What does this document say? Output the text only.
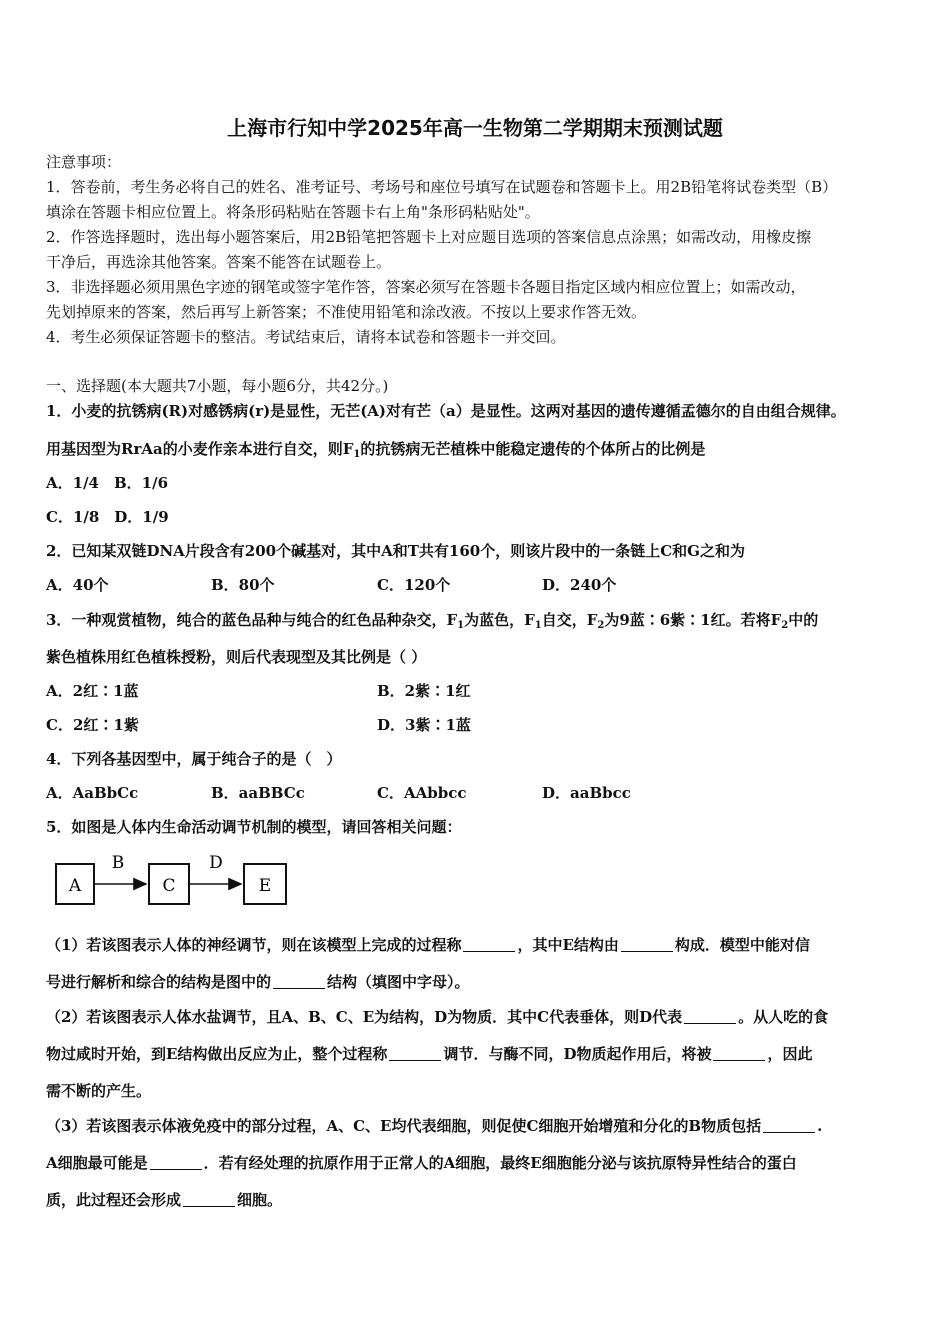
上海市行知中学2025年高一生物第二学期期末预测试题
注意事项：
1．答卷前，考生务必将自己的姓名、准考证号、考场号和座位号填写在试题卷和答题卡上。用2B铅笔将试卷类型（B）
填涂在答题卡相应位置上。将条形码粘贴在答题卡右上角"条形码粘贴处"。
2．作答选择题时，选出每小题答案后，用2B铅笔把答题卡上对应题目选项的答案信息点涂黑；如需改动，用橡皮擦
干净后，再选涂其他答案。答案不能答在试题卷上。
3．非选择题必须用黑色字迹的钢笔或签字笔作答，答案必须写在答题卡各题目指定区域内相应位置上；如需改动，
先划掉原来的答案，然后再写上新答案；不准使用铅笔和涂改液。不按以上要求作答无效。
4．考生必须保证答题卡的整洁。考试结束后，请将本试卷和答题卡一并交回。
一、选择题(本大题共7小题，每小题6分，共42分。)
1．小麦的抗锈病(R)对感锈病(r)是显性，无芒(A)对有芒（a）是显性。这两对基因的遗传遵循孟德尔的自由组合规律。
用基因型为RrAa的小麦作亲本进行自交，则$F_1$的抗锈病无芒植株中能稳定遗传的个体所占的比例是
A．1/4　B．1/6
C．1/8　D．1/9
2．已知某双链DNA片段含有200个碱基对，其中A和T共有160个，则该片段中的一条链上C和G之和为
A．40个	B．80个	C．120个	D．240个
3．一种观赏植物，纯合的蓝色品种与纯合的红色品种杂交，$F_1$为蓝色，$F_1$自交，$F_2$为9蓝∶6紫∶1红。若将$F_2$中的
紫色植株用红色植株授粉，则后代表现型及其比例是（ ）
A．2红∶1蓝	B．2紫∶1红
C．2红∶1紫	D．3紫∶1蓝
4．下列各基因型中，属于纯合子的是（　）
A．AaBbCc	B．aaBBCc	C．AAbbcc	D．aaBbcc
5．如图是人体内生命活动调节机制的模型，请回答相关问题：
A
B
C
D
E
（1）若该图表示人体的神经调节，则在该模型上完成的过程称	，其中E结构由	构成．模型中能对信
号进行解析和综合的结构是图中的	结构（填图中字母）。
（2）若该图表示人体水盐调节，且A、B、C、E为结构，D为物质．其中C代表垂体，则D代表	。从人吃的食
物过咸时开始，到E结构做出反应为止，整个过程称	调节．与酶不同，D物质起作用后，将被	，因此
需不断的产生。
（3）若该图表示体液免疫中的部分过程，A、C、E均代表细胞，则促使C细胞开始增殖和分化的B物质包括	.
A细胞最可能是	．若有经处理的抗原作用于正常人的A细胞，最终E细胞能分泌与该抗原特异性结合的蛋白
质，此过程还会形成	细胞。
